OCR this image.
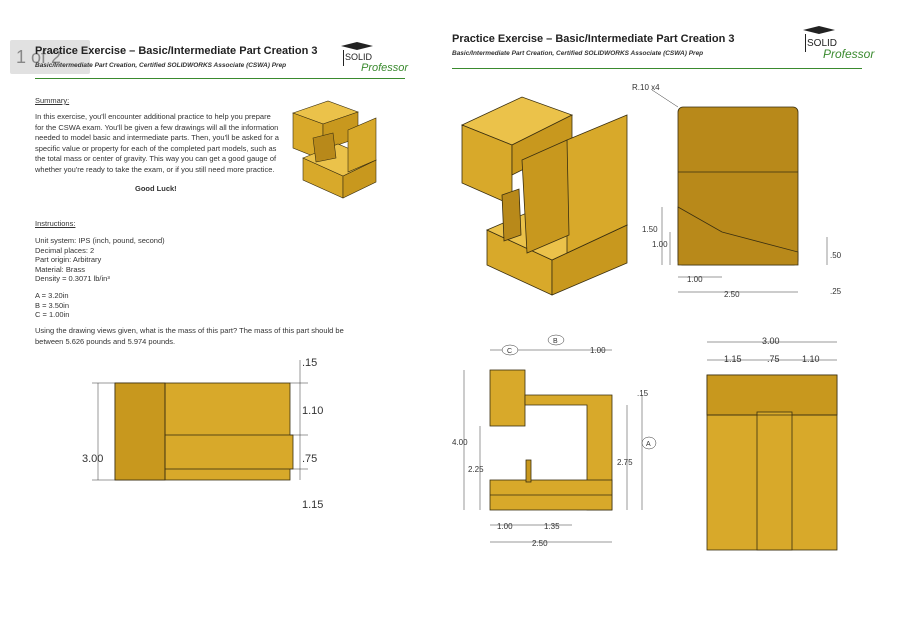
1 of 2
Practice Exercise – Basic/Intermediate Part Creation 3
Basic/Intermediate Part Creation, Certified SOLIDWORKS Associate (CSWA) Prep
SOLID
Professor
Summary:
In this exercise, you'll encounter additional practice to help you prepare
for the CSWA exam. You'll be given a few drawings will all the information
needed to model basic and intermediate parts. Then, you'll be asked for a
specific value or property for each of the completed part models, such as
the total mass or center of gravity. This way you can get a good gauge of
whether you're ready to take the exam, or if you still need more practice.
Good Luck!
Instructions:
Unit system: IPS (inch, pound, second)
Decimal places: 2
Part origin: Arbitrary
Material: Brass
Density = 0.3071 lb/in³
A = 3.20in
B = 3.50in
C = 1.00in
Using the drawing views given, what is the mass of this part? The mass of this part should be
between 5.626 pounds and 5.974 pounds.
3.00
.15
1.10
.75
1.15
Practice Exercise – Basic/Intermediate Part Creation 3
Basic/Intermediate Part Creation, Certified SOLIDWORKS Associate (CSWA) Prep
SOLID
Professor
R.10 x4
1.50
1.00
1.00
2.50
.50
.25
B
C	1.00
4.00
2.25
2.75
A
.15
1.00	1.35
2.50
3.00
1.15	.75 1.10
